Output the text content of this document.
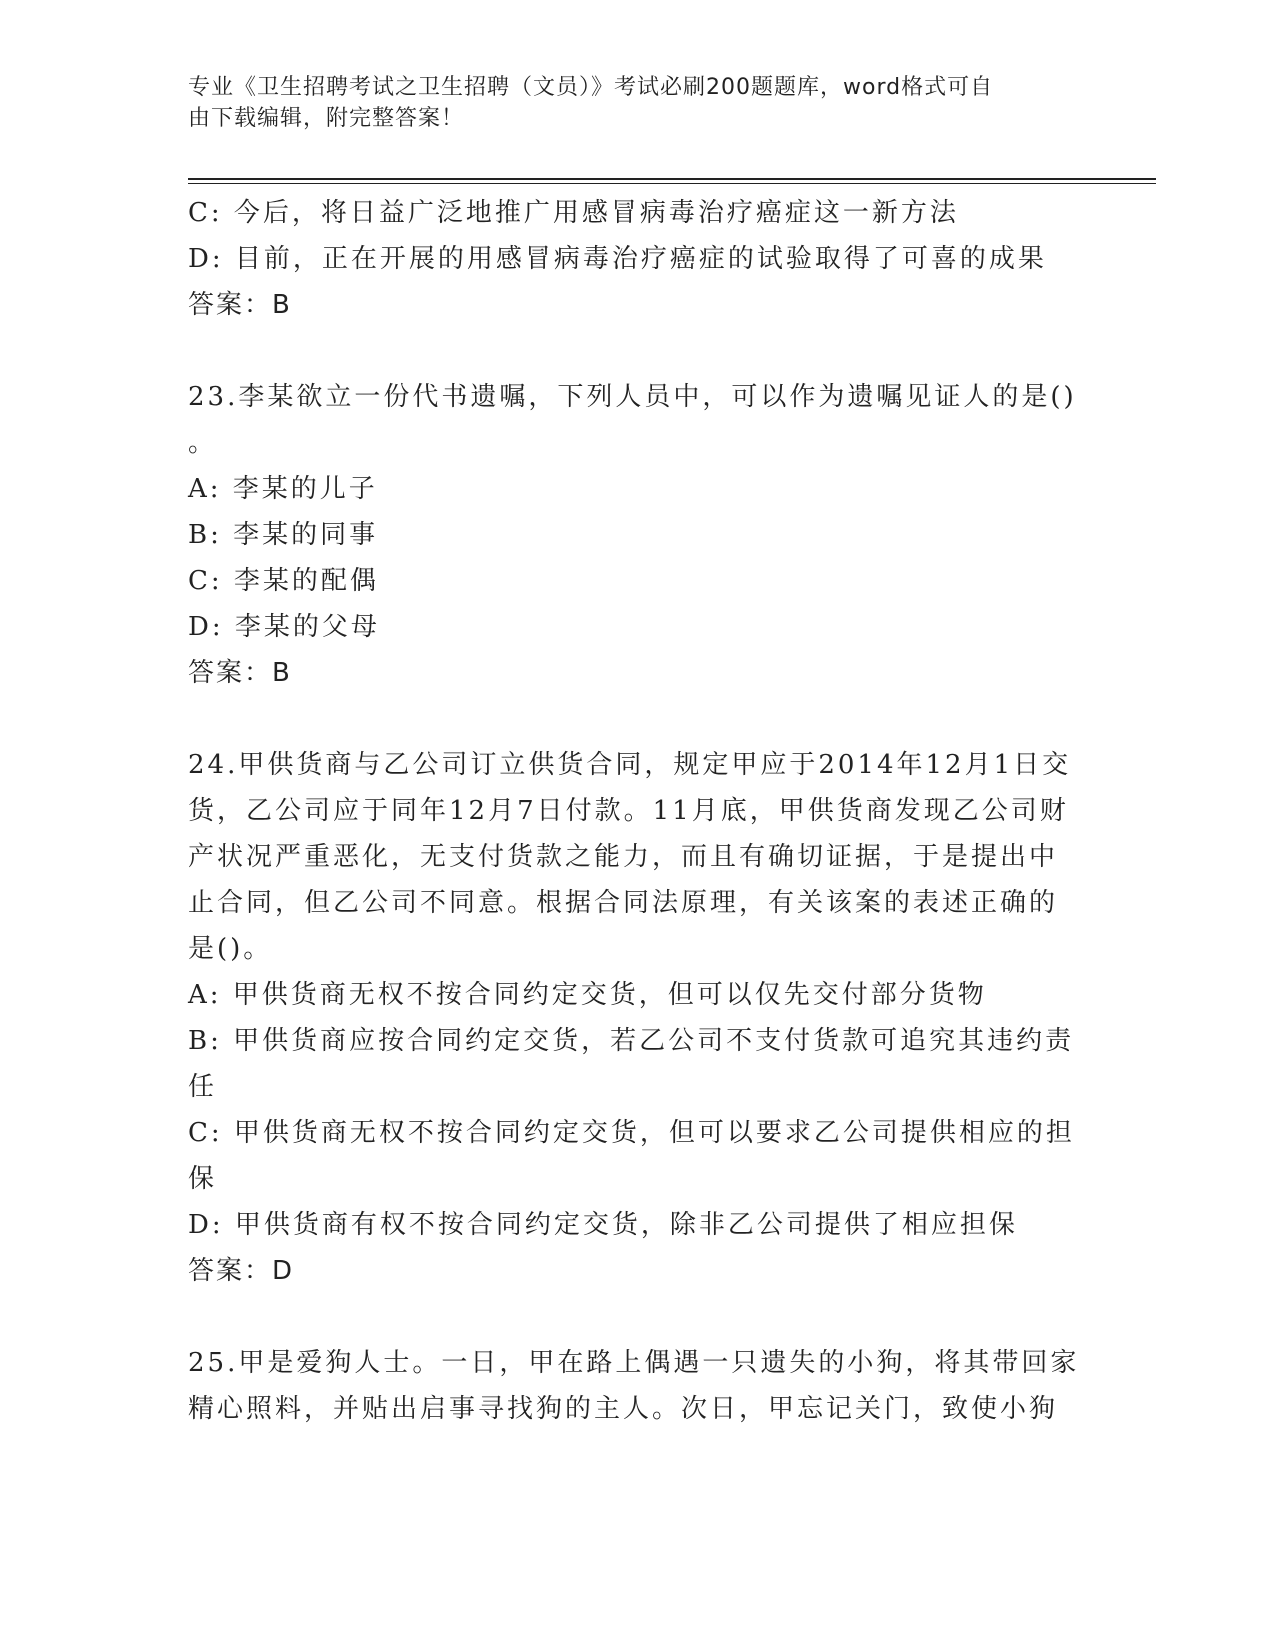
专业《卫生招聘考试之卫生招聘（文员）》考试必刷200题题库，word格式可自
由下载编辑，附完整答案！

C: 今后，将日益广泛地推广用感冒病毒治疗癌症这一新方法

D: 目前，正在开展的用感冒病毒治疗癌症的试验取得了可喜的成果

答案：B

23.李某欲立一份代书遗嘱，下列人员中，可以作为遗嘱见证人的是()

。

A: 李某的儿子

B: 李某的同事

C: 李某的配偶

D: 李某的父母

答案：B

24.甲供货商与乙公司订立供货合同，规定甲应于2014年12月1日交

货，乙公司应于同年12月7日付款。11月底，甲供货商发现乙公司财

产状况严重恶化，无支付货款之能力，而且有确切证据，于是提出中

止合同，但乙公司不同意。根据合同法原理，有关该案的表述正确的

是()。

A: 甲供货商无权不按合同约定交货，但可以仅先交付部分货物

B: 甲供货商应按合同约定交货，若乙公司不支付货款可追究其违约责

任

C: 甲供货商无权不按合同约定交货，但可以要求乙公司提供相应的担

保

D: 甲供货商有权不按合同约定交货，除非乙公司提供了相应担保

答案：D

25.甲是爱狗人士。一日，甲在路上偶遇一只遗失的小狗，将其带回家

精心照料，并贴出启事寻找狗的主人。次日，甲忘记关门，致使小狗
